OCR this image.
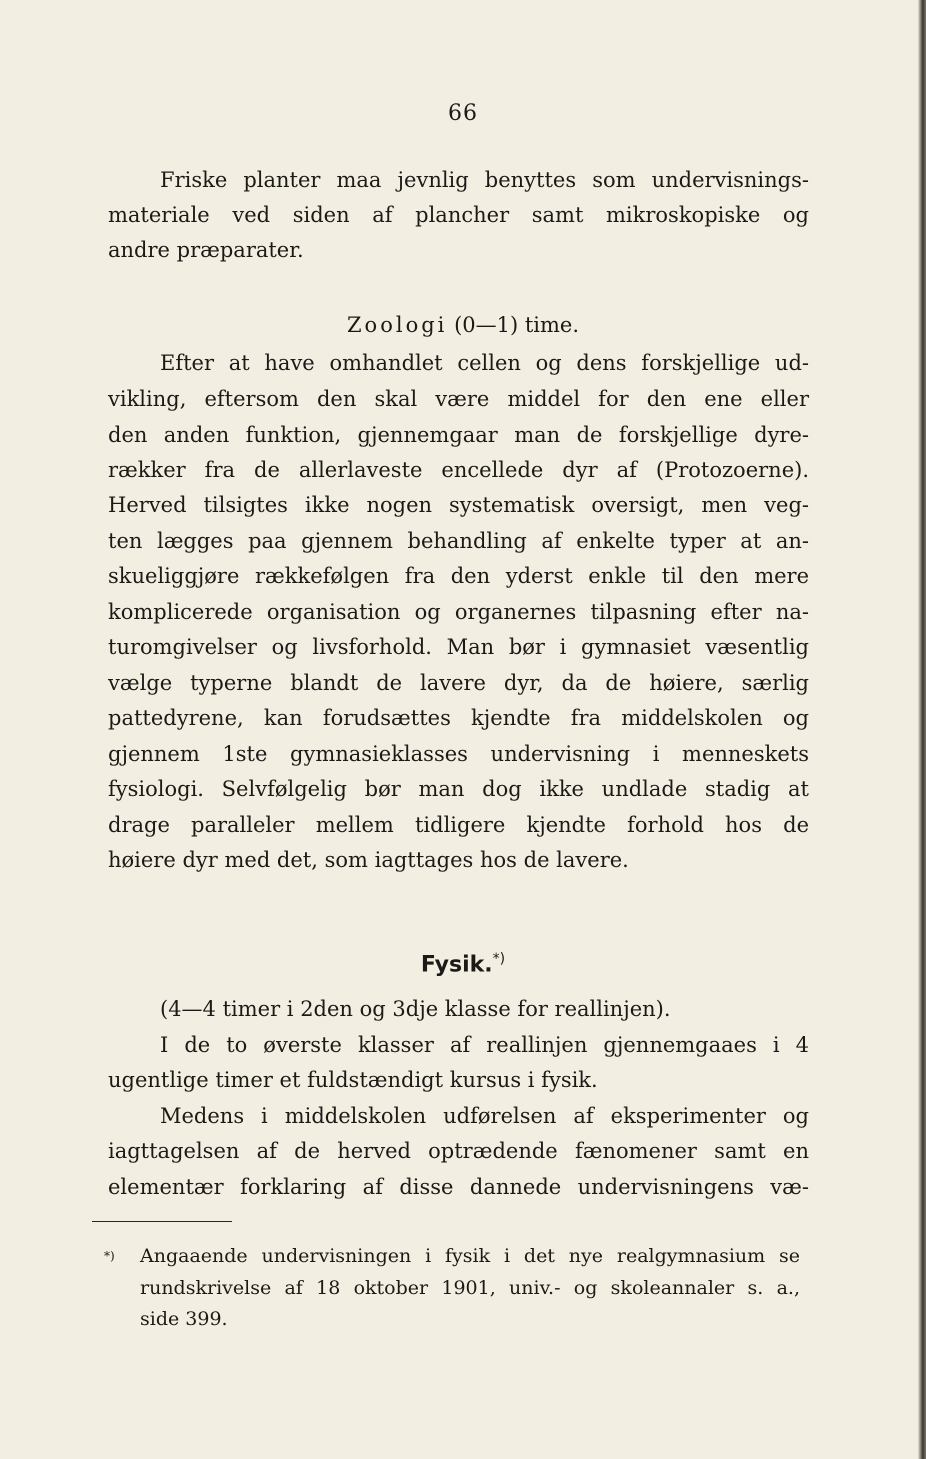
66
Friske planter maa jevnlig benyttes som undervisnings-
materiale ved siden af plancher samt mikroskopiske og
andre præparater.
Zoologi (0—1) time.
Efter at have omhandlet cellen og dens forskjellige ud-
vikling, eftersom den skal være middel for den ene eller
den anden funktion, gjennemgaar man de forskjellige dyre-
rækker fra de allerlaveste encellede dyr af (Protozoerne).
Herved tilsigtes ikke nogen systematisk oversigt, men veg-
ten lægges paa gjennem behandling af enkelte typer at an-
skueliggjøre rækkefølgen fra den yderst enkle til den mere
komplicerede organisation og organernes tilpasning efter na-
turomgivelser og livsforhold. Man bør i gymnasiet væsentlig
vælge typerne blandt de lavere dyr, da de høiere, særlig
pattedyrene, kan forudsættes kjendte fra middelskolen og
gjennem 1ste gymnasieklasses undervisning i menneskets
fysiologi. Selvfølgelig bør man dog ikke undlade stadig at
drage paralleler mellem tidligere kjendte forhold hos de
høiere dyr med det, som iagttages hos de lavere.
Fysik.*)
(4—4 timer i 2den og 3dje klasse for reallinjen).
I de to øverste klasser af reallinjen gjennemgaaes i 4
ugentlige timer et fuldstændigt kursus i fysik.
Medens i middelskolen udførelsen af eksperimenter og
iagttagelsen af de herved optrædende fænomener samt en
elementær forklaring af disse dannede undervisningens væ-
*) Angaaende undervisningen i fysik i det nye realgymnasium se
rundskrivelse af 18 oktober 1901, univ.- og skoleannaler s. a.,
side 399.
